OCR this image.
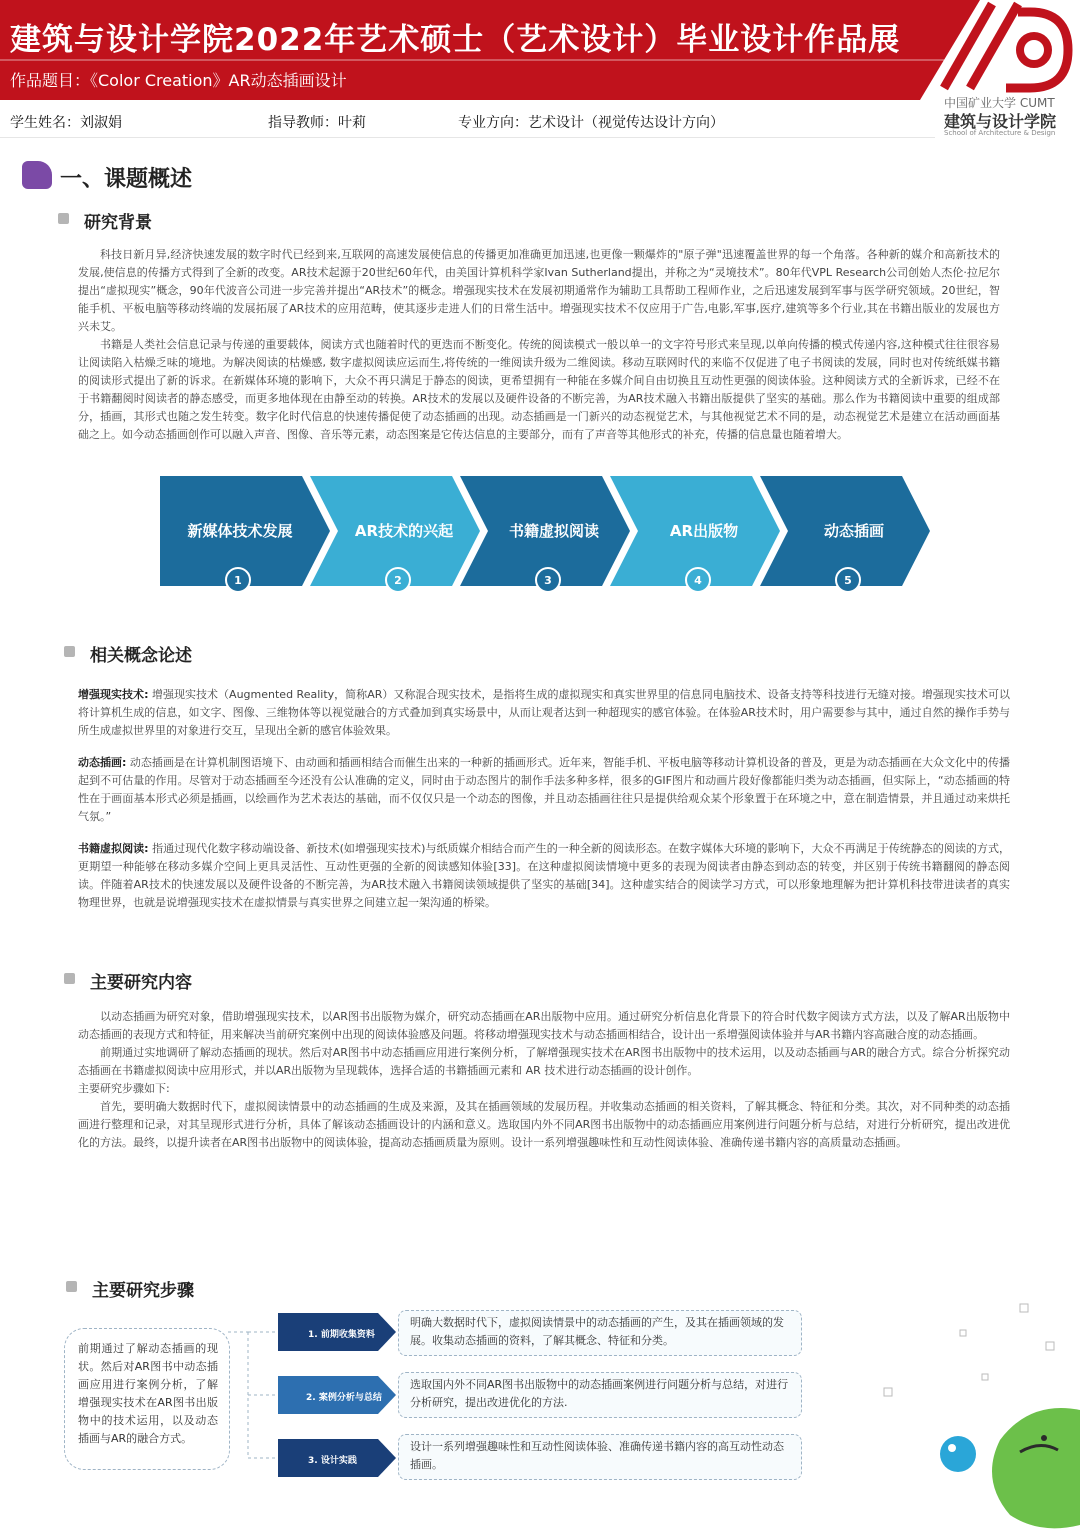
建筑与设计学院2022年艺术硕士（艺术设计）毕业设计作品展
作品题目：《Color Creation》AR动态插画设计
中国矿业大学 CUMT
建筑与设计学院
School of Architecture & Design
学生姓名：刘淑娟	指导教师：叶莉	专业方向：艺术设计（视觉传达设计方向）
一、课题概述
研究背景

科技日新月异,经济快速发展的数字时代已经到来,互联网的高速发展使信息的传播更加准确更加迅速,也更像一颗爆炸的"原子弹"迅速覆盖世界的每一个角落。各种新的媒介和高新技术的发展,使信息的传播方式得到了全新的改变。AR技术起源于20世纪60年代，由美国计算机科学家Ivan Sutherland提出，并称之为“灵境技术”。80年代VPL Research公司创始人杰伦·拉尼尔提出“虚拟现实”概念，90年代波音公司进一步完善并提出“AR技术”的概念。增强现实技术在发展初期通常作为辅助工具帮助工程师作业，之后迅速发展到军事与医学研究领域。20世纪，智能手机、平板电脑等移动终端的发展拓展了AR技术的应用范畴，使其逐步走进人们的日常生活中。增强现实技术不仅应用于广告,电影,军事,医疗,建筑等多个行业,其在书籍出版业的发展也方兴未艾。

书籍是人类社会信息记录与传递的重要载体，阅读方式也随着时代的更迭而不断变化。传统的阅读模式一般以单一的文字符号形式来呈现,以单向传播的模式传递内容,这种模式往往很容易让阅读陷入枯燥乏味的境地。为解决阅读的枯燥感, 数字虚拟阅读应运而生,将传统的一维阅读升级为二维阅读。移动互联网时代的来临不仅促进了电子书阅读的发展，同时也对传统纸媒书籍的阅读形式提出了新的诉求。在新媒体环境的影响下，大众不再只满足于静态的阅读，更希望拥有一种能在多媒介间自由切换且互动性更强的阅读体验。这种阅读方式的全新诉求，已经不在于书籍翻阅时阅读者的静态感受，而更多地体现在由静至动的转换。AR技术的发展以及硬件设备的不断完善，为AR技术融入书籍出版提供了坚实的基础。那么作为书籍阅读中重要的组成部分，插画，其形式也随之发生转变。数字化时代信息的快速传播促使了动态插画的出现。动态插画是一门新兴的动态视觉艺术，与其他视觉艺术不同的是，动态视觉艺术是建立在活动画面基础之上。如今动态插画创作可以融入声音、图像、音乐等元素，动态图案是它传达信息的主要部分，而有了声音等其他形式的补充，传播的信息量也随着增大。

新媒体技术发展
1
AR技术的兴起
2
书籍虚拟阅读
3
AR出版物
4
动态插画
5
相关概念论述

增强现实技术: 增强现实技术（Augmented Reality，简称AR）又称混合现实技术，是指将生成的虚拟现实和真实世界里的信息同电脑技术、设备支持等科技进行无缝对接。增强现实技术可以将计算机生成的信息，如文字、图像、三维物体等以视觉融合的方式叠加到真实场景中，从而让观者达到一种超现实的感官体验。在体验AR技术时，用户需要参与其中，通过自然的操作手势与所生成虚拟世界里的对象进行交互，呈现出全新的感官体验效果。

动态插画: 动态插画是在计算机制图语境下、由动画和插画相结合而催生出来的一种新的插画形式。近年来，智能手机、平板电脑等移动计算机设备的普及，更是为动态插画在大众文化中的传播起到不可估量的作用。尽管对于动态插画至今还没有公认准确的定义，同时由于动态图片的制作手法多种多样，很多的GIF图片和动画片段好像都能归类为动态插画，但实际上，“动态插画的特性在于画面基本形式必须是插画，以绘画作为艺术表达的基础，而不仅仅只是一个动态的图像，并且动态插画往往只是提供给观众某个形象置于在环境之中，意在制造情景，并且通过动来烘托气氛。”

书籍虚拟阅读: 指通过现代化数字移动端设备、新技术(如增强现实技术)与纸质媒介相结合而产生的一种全新的阅读形态。在数字媒体大环境的影响下，大众不再满足于传统静态的阅读的方式，更期望一种能够在移动多媒介空间上更具灵活性、互动性更强的全新的阅读感知体验[33]。在这种虚拟阅读情境中更多的表现为阅读者由静态到动态的转变，并区别于传统书籍翻阅的静态阅读。伴随着AR技术的快速发展以及硬件设备的不断完善，为AR技术融入书籍阅读领域提供了坚实的基础[34]。这种虚实结合的阅读学习方式，可以形象地理解为把计算机科技带进读者的真实物理世界，也就是说增强现实技术在虚拟情景与真实世界之间建立起一架沟通的桥梁。

主要研究内容

以动态插画为研究对象，借助增强现实技术，以AR图书出版物为媒介，研究动态插画在AR出版物中应用。通过研究分析信息化背景下的符合时代数字阅读方式方法，以及了解AR出版物中动态插画的表现方式和特征，用来解决当前研究案例中出现的阅读体验感及问题。将移动增强现实技术与动态插画相结合，设计出一系增强阅读体验并与AR书籍内容高融合度的动态插画。

前期通过实地调研了解动态插画的现状。然后对AR图书中动态插画应用进行案例分析，了解增强现实技术在AR图书出版物中的技术运用，以及动态插画与AR的融合方式。综合分析探究动态插画在书籍虚拟阅读中应用形式，并以AR出版物为呈现载体，选择合适的书籍插画元素和 AR 技术进行动态插画的设计创作。

主要研究步骤如下:

首先，要明确大数据时代下，虚拟阅读情景中的动态插画的生成及来源，及其在插画领域的发展历程。并收集动态插画的相关资料，了解其概念、特征和分类。其次，对不同种类的动态插画进行整理和记录，对其呈现形式进行分析，具体了解该动态插画设计的内涵和意义。选取国内外不同AR图书出版物中的动态插画应用案例进行问题分析与总结，对进行分析研究，提出改进优化的方法。最终，以提升读者在AR图书出版物中的阅读体验，提高动态插画质量为原则。设计一系列增强趣味性和互动性阅读体验、准确传递书籍内容的高质量动态插画。

主要研究步骤
前期通过了解动态插画的现状。然后对AR图书中动态插画应用进行案例分析，了解增强现实技术在AR图书出版物中的技术运用，以及动态插画与AR的融合方式。
1. 前期收集资料
明确大数据时代下，虚拟阅读情景中的动态插画的产生，及其在插画领域的发展。收集动态插画的资料，了解其概念、特征和分类。
2. 案例分析与总结
选取国内外不同AR图书出版物中的动态插画案例进行问题分析与总结，对进行分析研究，提出改进优化的方法.
3. 设计实践
设计一系列增强趣味性和互动性阅读体验、准确传递书籍内容的高互动性动态插画。
